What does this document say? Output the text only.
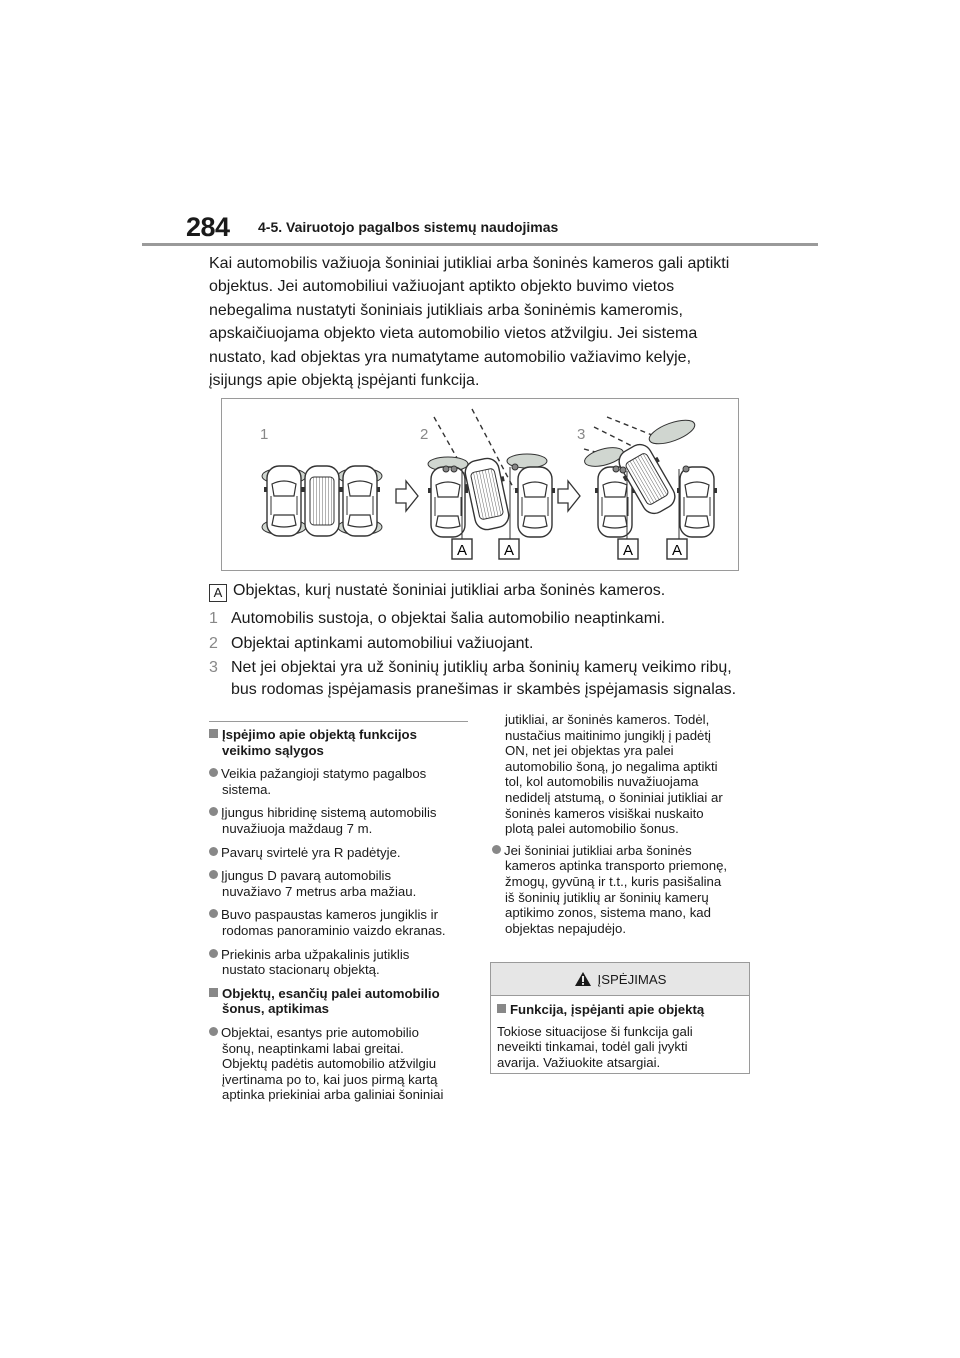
284 4-5. Vairuotojo pagalbos sistemų naudojimas
Kai automobilis važiuoja šoniniai jutikliai arba šoninės kameros gali aptikti
objektus. Jei automobiliui važiuojant aptikto objekto buvimo vietos
nebegalima nustatyti šoniniais jutikliais arba šoninėmis kameromis,
apskaičiuojama objekto vieta automobilio vietos atžvilgiu. Jei sistema
nustato, kad objektas yra numatytame automobilio važiavimo kelyje,
įsijungs apie objektą įspėjanti funkcija.
1	2	3
A A	A	A
A Objektas, kurį nustatė šoniniai jutikliai arba šoninės kameros.
1 Automobilis sustoja, o objektai šalia automobilio neaptinkami.
2 Objektai aptinkami automobiliui važiuojant.
3 Net jei objektai yra už šoninių jutiklių arba šoninių kamerų veikimo ribų,
bus rodomas įspėjamasis pranešimas ir skambės įspėjamasis signalas.
Įspėjimo apie objektą funkcijos
veikimo sąlygos
Veikia pažangioji statymo pagalbos
sistema.
Įjungus hibridinę sistemą automobilis
nuvažiuoja maždaug 7 m.
Pavarų svirtelė yra R padėtyje.
Įjungus D pavarą automobilis
nuvažiavo 7 metrus arba mažiau.
Buvo paspaustas kameros jungiklis ir
rodomas panoraminio vaizdo ekranas.
Priekinis arba užpakalinis jutiklis
nustato stacionarų objektą.
Objektų, esančių palei automobilio
šonus, aptikimas
Objektai, esantys prie automobilio
šonų, neaptinkami labai greitai.
Objektų padėtis automobilio atžvilgiu
įvertinama po to, kai juos pirmą kartą
aptinka priekiniai arba galiniai šoniniai
jutikliai, ar šoninės kameros. Todėl,
nustačius maitinimo jungiklį į padėtį
ON, net jei objektas yra palei
automobilio šoną, jo negalima aptikti
tol, kol automobilis nuvažiuojama
nedidelį atstumą, o šoniniai jutikliai ar
šoninės kameros visiškai nuskaito
plotą palei automobilio šonus.
Jei šoniniai jutikliai arba šoninės
kameros aptinka transporto priemonę,
žmogų, gyvūną ir t.t., kuris pasišalina
iš šoninių jutiklių ar šoninių kamerų
aptikimo zonos, sistema mano, kad
objektas nepajudėjo.
ĮSPĖJIMAS
Funkcija, įspėjanti apie objektą
Tokiose situacijose ši funkcija gali
neveikti tinkamai, todėl gali įvykti
avarija. Važiuokite atsargiai.
